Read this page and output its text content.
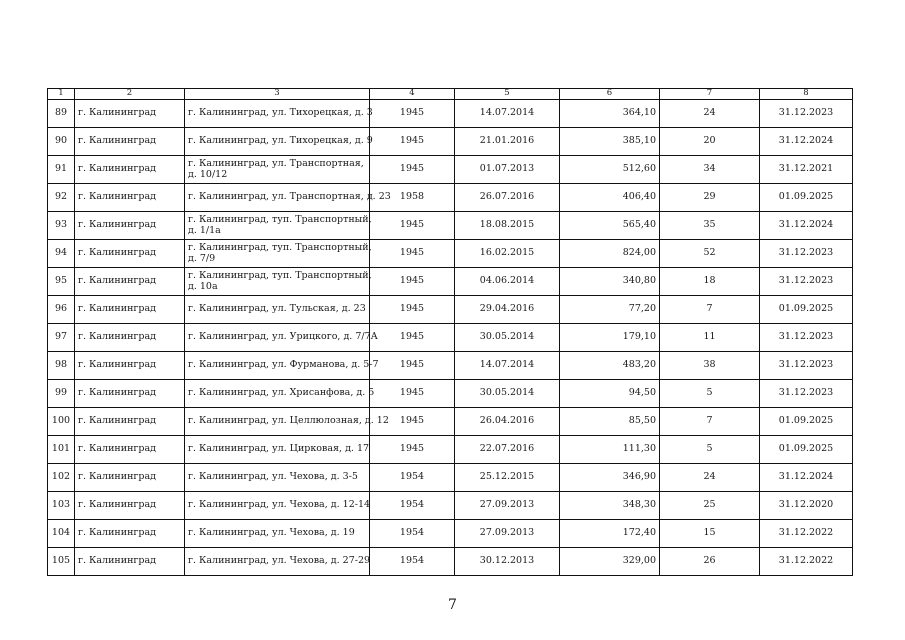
1	2	3	4	5	6	7	8
89	г. Калининград	г. Калининград, ул. Тихорецкая, д. 3	1945	14.07.2014	364,10	24	31.12.2023
90	г. Калининград	г. Калининград, ул. Тихорецкая, д. 9	1945	21.01.2016	385,10	20	31.12.2024
91	г. Калининград	г. Калининград, ул. Транспортная,
д. 10/12	1945	01.07.2013	512,60	34	31.12.2021
92	г. Калининград	г. Калининград, ул. Транспортная, д. 23	1958	26.07.2016	406,40	29	01.09.2025
93	г. Калининград	г. Калининград, туп. Транспортный,
д. 1/1а	1945	18.08.2015	565,40	35	31.12.2024
94	г. Калининград	г. Калининград, туп. Транспортный,
д. 7/9	1945	16.02.2015	824,00	52	31.12.2023
95	г. Калининград	г. Калининград, туп. Транспортный,
д. 10а	1945	04.06.2014	340,80	18	31.12.2023
96	г. Калининград	г. Калининград, ул. Тульская, д. 23	1945	29.04.2016	77,20	7	01.09.2025
97	г. Калининград	г. Калининград, ул. Урицкого, д. 7/7А	1945	30.05.2014	179,10	11	31.12.2023
98	г. Калининград	г. Калининград, ул. Фурманова, д. 5-7	1945	14.07.2014	483,20	38	31.12.2023
99	г. Калининград	г. Калининград, ул. Хрисанфова, д. 5	1945	30.05.2014	94,50	5	31.12.2023
100	г. Калининград	г. Калининград, ул. Целлюлозная, д. 12	1945	26.04.2016	85,50	7	01.09.2025
101	г. Калининград	г. Калининград, ул. Цирковая, д. 17	1945	22.07.2016	111,30	5	01.09.2025
102	г. Калининград	г. Калининград, ул. Чехова, д. 3-5	1954	25.12.2015	346,90	24	31.12.2024
103	г. Калининград	г. Калининград, ул. Чехова, д. 12-14	1954	27.09.2013	348,30	25	31.12.2020
104	г. Калининград	г. Калининград, ул. Чехова, д. 19	1954	27.09.2013	172,40	15	31.12.2022
105	г. Калининград	г. Калининград, ул. Чехова, д. 27-29	1954	30.12.2013	329,00	26	31.12.2022
7
